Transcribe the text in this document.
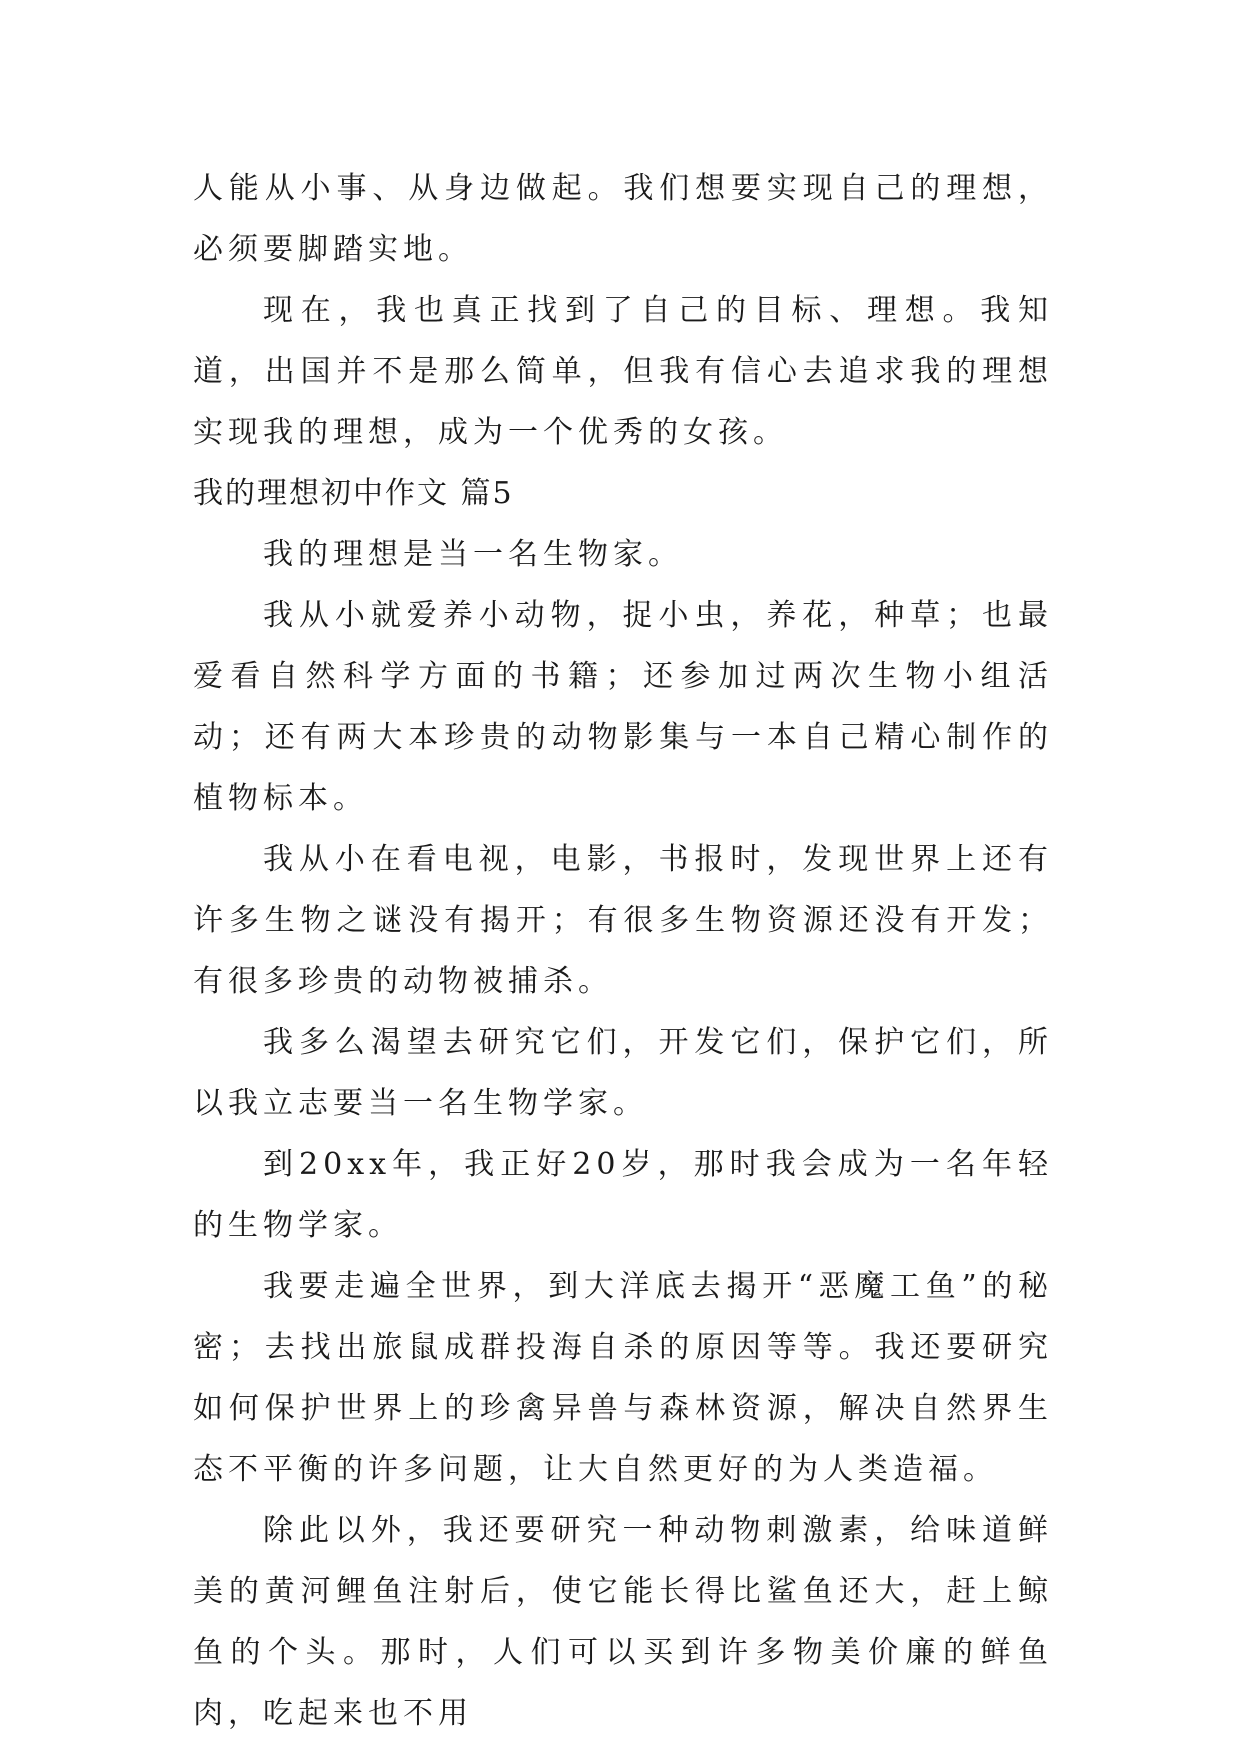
人能从小事、从身边做起。我们想要实现自己的理想，必须要脚踏实地。

现在，我也真正找到了自己的目标、理想。我知道，出国并不是那么简单，但我有信心去追求我的理想实现我的理想，成为一个优秀的女孩。

我的理想初中作文 篇5

我的理想是当一名生物家。

我从小就爱养小动物，捉小虫，养花，种草；也最爱看自然科学方面的书籍；还参加过两次生物小组活动；还有两大本珍贵的动物影集与一本自己精心制作的植物标本。

我从小在看电视，电影，书报时，发现世界上还有许多生物之谜没有揭开；有很多生物资源还没有开发；有很多珍贵的动物被捕杀。

我多么渴望去研究它们，开发它们，保护它们，所以我立志要当一名生物学家。

到20xx年，我正好20岁，那时我会成为一名年轻的生物学家。

我要走遍全世界，到大洋底去揭开“恶魔工鱼”的秘密；去找出旅鼠成群投海自杀的原因等等。我还要研究如何保护世界上的珍禽异兽与森林资源，解决自然界生态不平衡的许多问题，让大自然更好的为人类造福。

除此以外，我还要研究一种动物刺激素，给味道鲜美的黄河鲤鱼注射后，使它能长得比鲨鱼还大，赶上鲸鱼的个头。那时，人们可以买到许多物美价廉的鲜鱼肉，吃起来也不用
